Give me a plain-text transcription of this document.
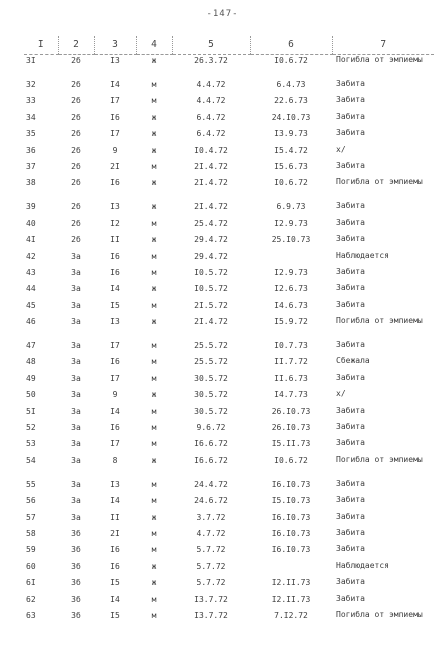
-147-
I	2	3	4	5	6	7
3I	2б	I3	ж	26.3.72	I0.6.72	Погибла от эмпиемы
32	2б	I4	м	4.4.72	6.4.73	Забита
33	2б	I7	м	4.4.72	22.6.73	Забита
34	2б	I6	ж	6.4.72	24.I0.73	Забита
35	2б	I7	ж	6.4.72	I3.9.73	Забита
36	2б	9	ж	I0.4.72	I5.4.72	х/
37	2б	2I	м	2I.4.72	I5.6.73	Забита
38	2б	I6	ж	2I.4.72	I0.6.72	Погибла от эмпиемы
39	2б	I3	ж	2I.4.72	6.9.73	Забита
40	2б	I2	м	25.4.72	I2.9.73	Забита
4I	2б	II	ж	29.4.72	25.I0.73	Забита
42	3а	I6	м	29.4.72		Наблюдается
43	3а	I6	м	I0.5.72	I2.9.73	Забита
44	3а	I4	ж	I0.5.72	I2.6.73	Забита
45	3а	I5	м	2I.5.72	I4.6.73	Забита
46	3а	I3	ж	2I.4.72	I5.9.72	Погибла от эмпиемы
47	3а	I7	м	25.5.72	I0.7.73	Забита
48	3а	I6	м	25.5.72	II.7.72	Сбежала
49	3а	I7	м	30.5.72	II.6.73	Забита
50	3а	9	ж	30.5.72	I4.7.73	х/
5I	3а	I4	м	30.5.72	26.I0.73	Забита
52	3а	I6	м	9.6.72	26.I0.73	Забита
53	3а	I7	м	I6.6.72	I5.II.73	Забита
54	3а	8	ж	I6.6.72	I0.6.72	Погибла от эмпиемы
55	3а	I3	м	24.4.72	I6.I0.73	Забита
56	3а	I4	м	24.6.72	I5.I0.73	Забита
57	3а	II	ж	3.7.72	I6.I0.73	Забита
58	3б	2I	м	4.7.72	I6.I0.73	Забита
59	3б	I6	м	5.7.72	I6.I0.73	Забита
60	3б	I6	ж	5.7.72		Наблюдается
6I	3б	I5	ж	5.7.72	I2.II.73	Забита
62	3б	I4	м	I3.7.72	I2.II.73	Забита
63	3б	I5	м	I3.7.72	7.I2.72	Погибла от эмпиемы
